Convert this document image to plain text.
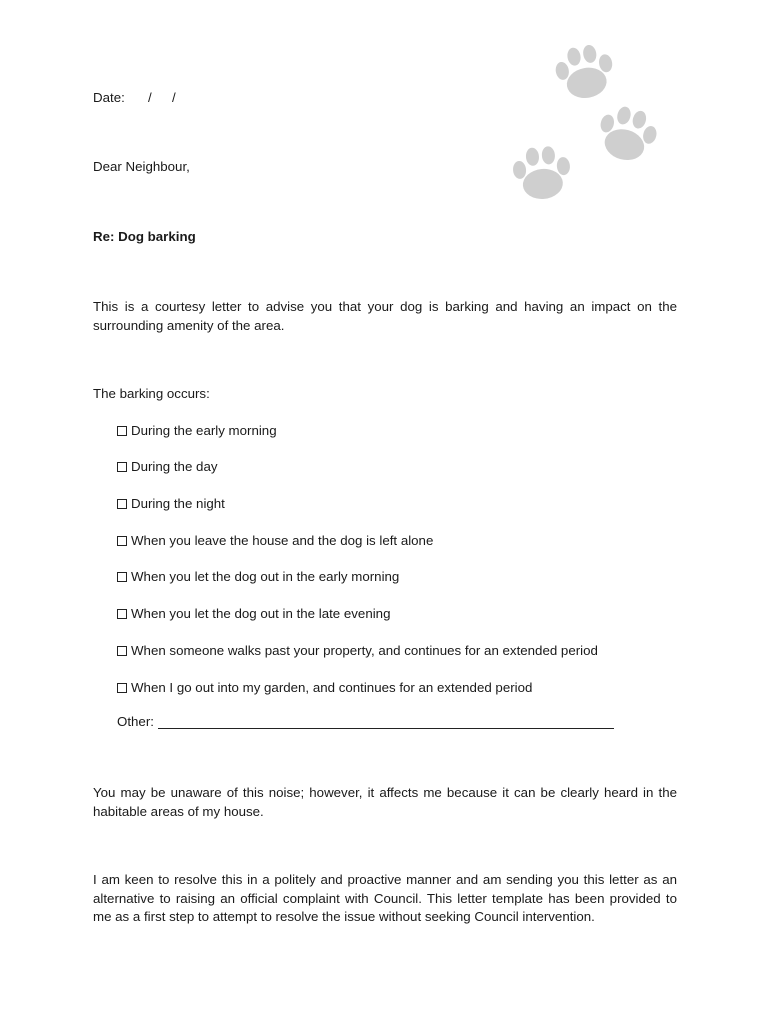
Date: / /
Dear Neighbour,
Re: Dog barking
This is a courtesy letter to advise you that your dog is barking and having an impact on the surrounding amenity of the area.
The barking occurs:
During the early morning
During the day
During the night
When you leave the house and the dog is left alone
When you let the dog out in the early morning
When you let the dog out in the late evening
When someone walks past your property, and continues for an extended period
When I go out into my garden, and continues for an extended period
Other:
You may be unaware of this noise; however, it affects me because it can be clearly heard in the habitable areas of my house.
I am keen to resolve this in a politely and proactive manner and am sending you this letter as an alternative to raising an official complaint with Council. This letter template has been provided to me as a first step to attempt to resolve the issue without seeking Council intervention.
